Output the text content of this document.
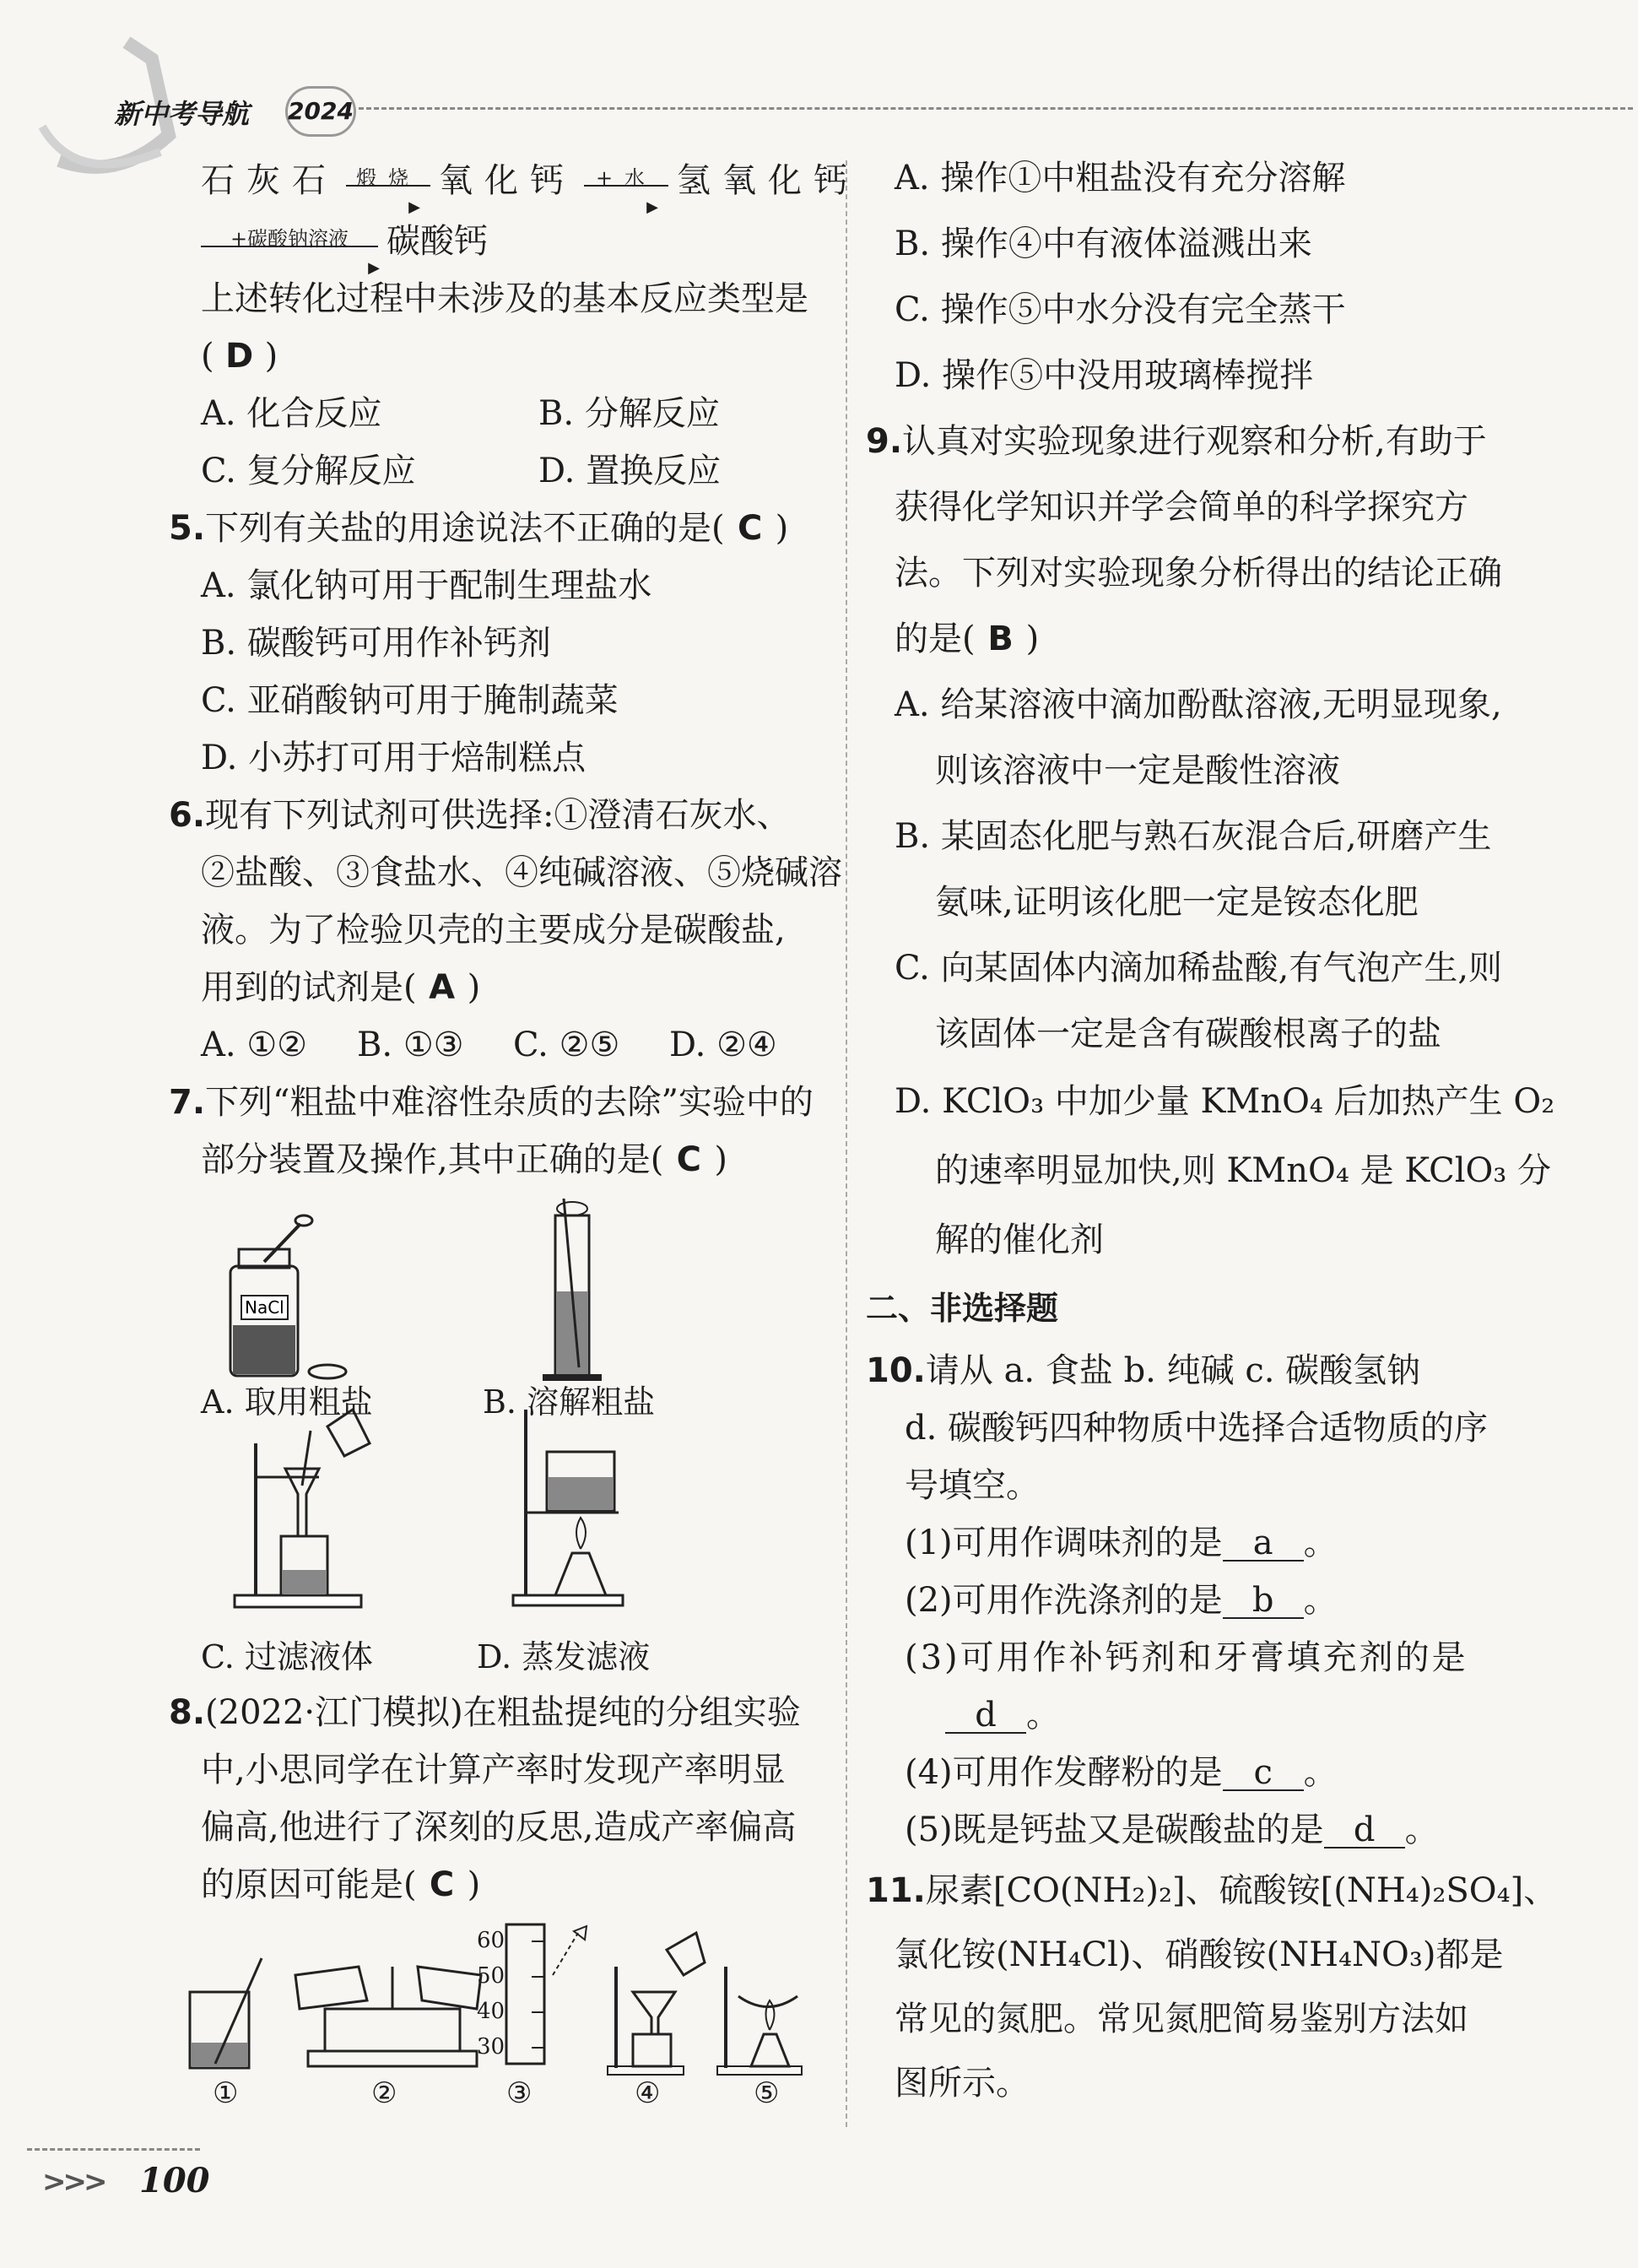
新中考导航 2024
石灰石 煅烧
▶
氧化钙 +水
▶
氢氧化钙
+碳酸钠溶液
▶
碳酸钙
上述转化过程中未涉及的基本反应类型是
( D )
A. 化合反应	B. 分解反应
C. 复分解反应	D. 置换反应
5.下列有关盐的用途说法不正确的是( C )
A. 氯化钠可用于配制生理盐水
B. 碳酸钙可用作补钙剂
C. 亚硝酸钠可用于腌制蔬菜
D. 小苏打可用于焙制糕点
6.现有下列试剂可供选择:①澄清石灰水、
②盐酸、③食盐水、④纯碱溶液、⑤烧碱溶
液。为了检验贝壳的主要成分是碳酸盐,
用到的试剂是( A )
A. ①② B. ①③ C. ②⑤ D. ②④
7.下列“粗盐中难溶性杂质的去除”实验中的
部分装置及操作,其中正确的是( C )
NaCl
A. 取用粗盐	B. 溶解粗盐
C. 过滤液体	D. 蒸发滤液
8.(2022·江门模拟)在粗盐提纯的分组实验
中,小思同学在计算产率时发现产率明显
偏高,他进行了深刻的反思,造成产率偏高
的原因可能是( C )
60
50
40
30
①	②	③	④	⑤
A. 操作①中粗盐没有充分溶解
B. 操作④中有液体溢溅出来
C. 操作⑤中水分没有完全蒸干
D. 操作⑤中没用玻璃棒搅拌
9.认真对实验现象进行观察和分析,有助于
获得化学知识并学会简单的科学探究方
法。下列对实验现象分析得出的结论正确
的是( B )
A. 给某溶液中滴加酚酞溶液,无明显现象,
则该溶液中一定是酸性溶液
B. 某固态化肥与熟石灰混合后,研磨产生
氨味,证明该化肥一定是铵态化肥
C. 向某固体内滴加稀盐酸,有气泡产生,则
该固体一定是含有碳酸根离子的盐
D. KClO₃ 中加少量 KMnO₄ 后加热产生 O₂
的速率明显加快,则 KMnO₄ 是 KClO₃ 分
解的催化剂
二、非选择题
10.请从 a. 食盐 b. 纯碱 c. 碳酸氢钠
d. 碳酸钙四种物质中选择合适物质的序
号填空。
(1)可用作调味剂的是 a 。
(2)可用作洗涤剂的是 b 。
(3)可用作补钙剂和牙膏填充剂的是
d 。
(4)可用作发酵粉的是 c 。
(5)既是钙盐又是碳酸盐的是 d 。
11.尿素[CO(NH₂)₂]、硫酸铵[(NH₄)₂SO₄]、
氯化铵(NH₄Cl)、硝酸铵(NH₄NO₃)都是
常见的氮肥。常见氮肥简易鉴别方法如
图所示。
>>> 100
